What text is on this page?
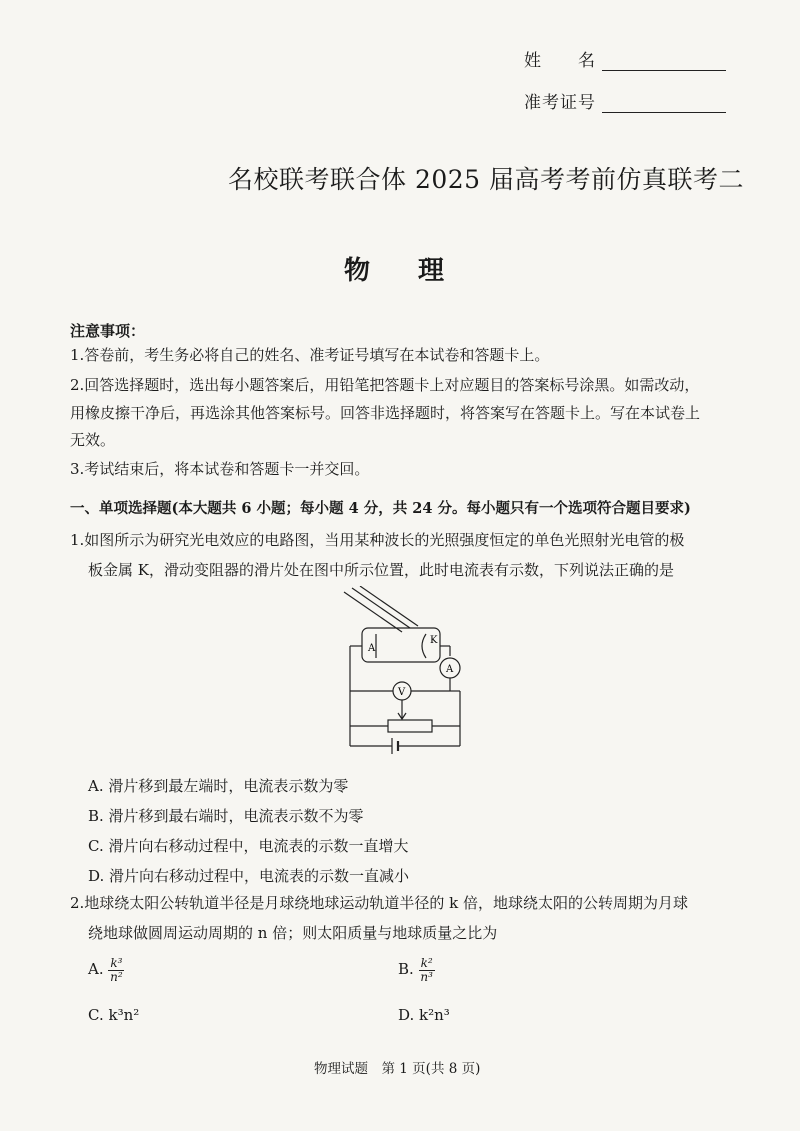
姓　　名
准考证号
名校联考联合体 2025 届高考考前仿真联考二
物理
注意事项：
1.答卷前，考生务必将自己的姓名、准考证号填写在本试卷和答题卡上。
2.回答选择题时，选出每小题答案后，用铅笔把答题卡上对应题目的答案标号涂黑。如需改动，
用橡皮擦干净后，再选涂其他答案标号。回答非选择题时，将答案写在答题卡上。写在本试卷上
无效。
3.考试结束后，将本试卷和答题卡一并交回。
一、单项选择题(本大题共 6 小题；每小题 4 分，共 24 分。每小题只有一个选项符合题目要求)
1.如图所示为研究光电效应的电路图，当用某种波长的光照强度恒定的单色光照射光电管的极
板金属 K，滑动变阻器的滑片处在图中所示位置，此时电流表有示数，下列说法正确的是
A
K
A
V
A. 滑片移到最左端时，电流表示数为零
B. 滑片移到最右端时，电流表示数不为零
C. 滑片向右移动过程中，电流表的示数一直增大
D. 滑片向右移动过程中，电流表的示数一直减小
2.地球绕太阳公转轨道半径是月球绕地球运动轨道半径的 k 倍，地球绕太阳的公转周期为月球
绕地球做圆周运动周期的 n 倍；则太阳质量与地球质量之比为
A. $\frac{\text{k³}}{\text{n²}}$	B. $\frac{\text{k²}}{\text{n³}}$
C. k³n²	D. k²n³
物理试题　第 1 页(共 8 页)
